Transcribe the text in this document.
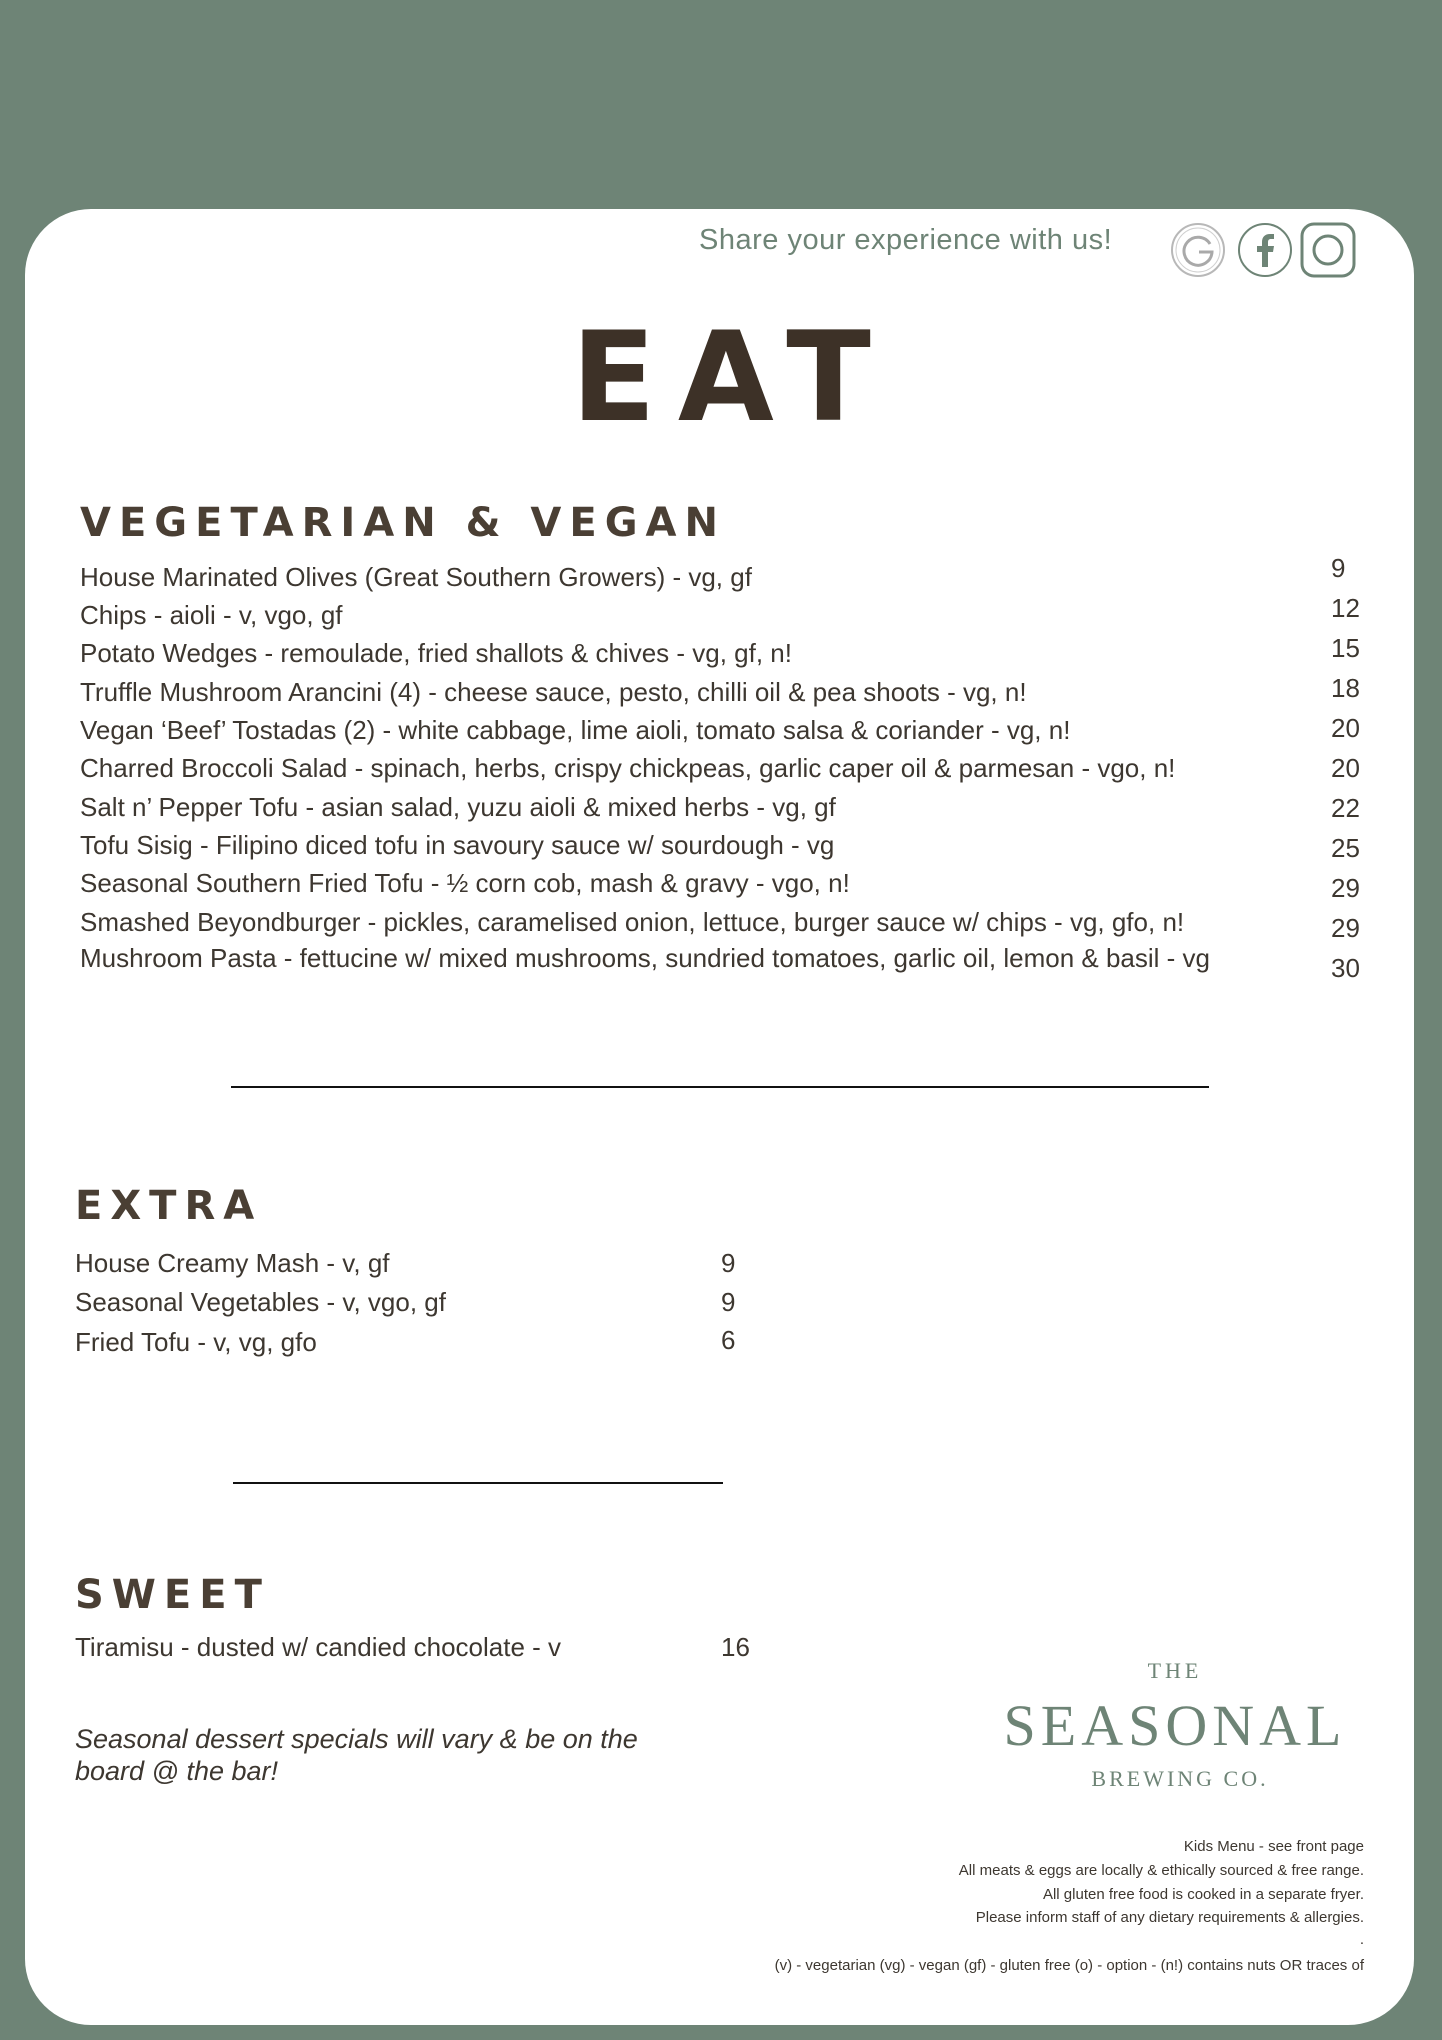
Share your experience with us!
EAT
VEGETARIAN & VEGAN
House Marinated Olives (Great Southern Growers) - vg, gf	9
Chips - aioli - v, vgo, gf	12
Potato Wedges - remoulade, fried shallots & chives - vg, gf, n!	15
Truffle Mushroom Arancini (4) - cheese sauce, pesto, chilli oil & pea shoots - vg, n!	18
Vegan ‘Beef’ Tostadas (2) - white cabbage, lime aioli, tomato salsa & coriander - vg, n!	20
Charred Broccoli Salad - spinach, herbs, crispy chickpeas, garlic caper oil & parmesan - vgo, n!	20
Salt n’ Pepper Tofu - asian salad, yuzu aioli & mixed herbs - vg, gf	22
Tofu Sisig - Filipino diced tofu in savoury sauce w/ sourdough - vg	25
Seasonal Southern Fried Tofu - ½ corn cob, mash & gravy - vgo, n!	29
Smashed Beyondburger - pickles, caramelised onion, lettuce, burger sauce w/ chips - vg, gfo, n!	29
Mushroom Pasta - fettucine w/ mixed mushrooms, sundried tomatoes, garlic oil, lemon & basil - vg	30
EXTRA
House Creamy Mash - v, gf	9
Seasonal Vegetables - v, vgo, gf	9
Fried Tofu - v, vg, gfo	6
SWEET
Tiramisu - dusted w/ candied chocolate - v	16
Seasonal dessert specials will vary & be on the board @ the bar!
THE
SEASONAL
BREWING CO.
Kids Menu - see front page
All meats & eggs are locally & ethically sourced & free range.
All gluten free food is cooked in a separate fryer.
Please inform staff of any dietary requirements & allergies.
.
(v) - vegetarian (vg) - vegan (gf) - gluten free (o) - option - (n!) contains nuts OR traces of
